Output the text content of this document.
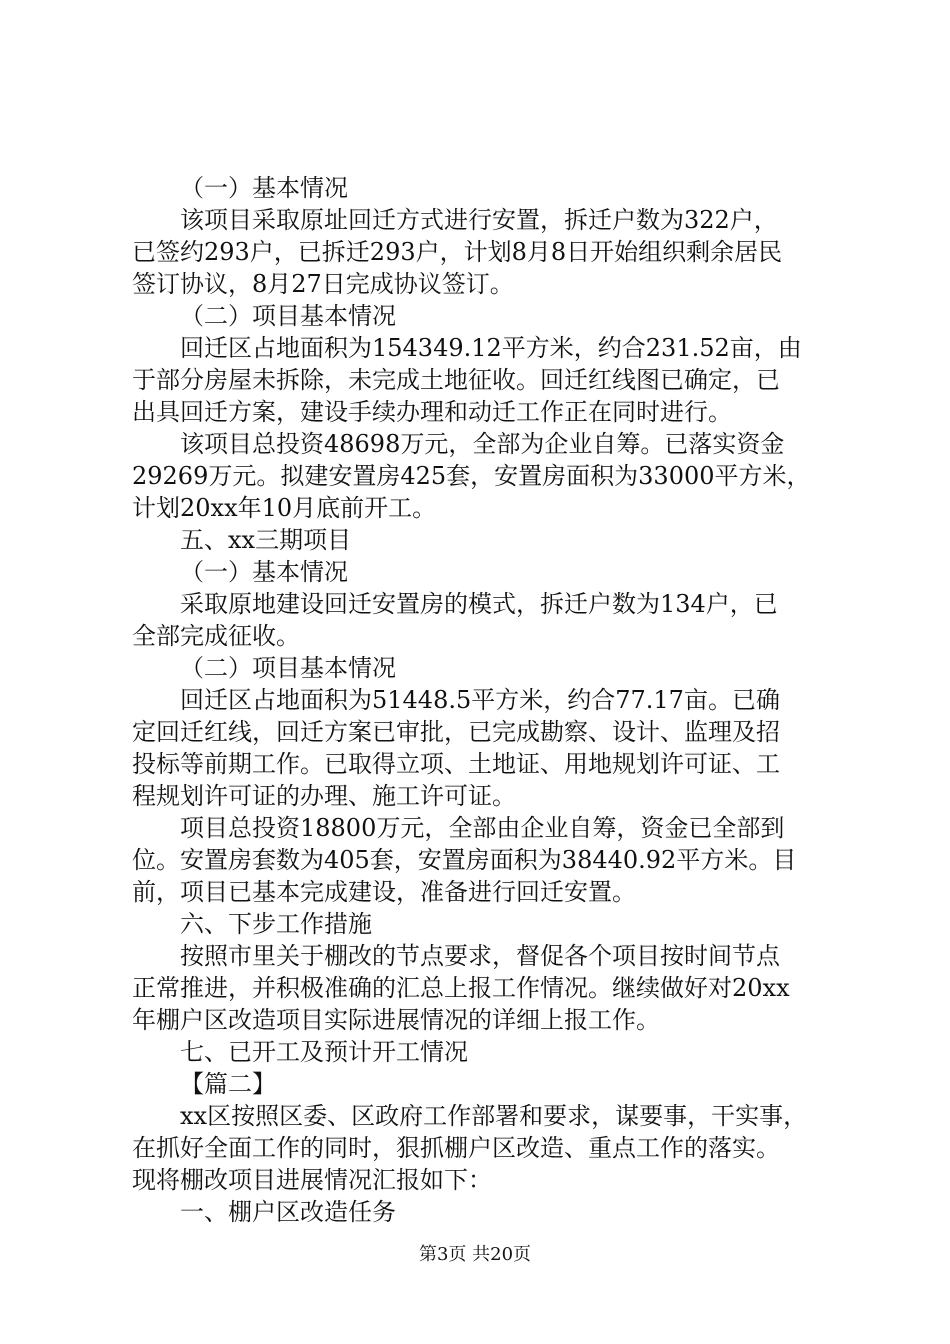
（一）基本情况

该项目采取原址回迁方式进行安置，拆迁户数为322户，

已签约293户，已拆迁293户，计划8月8日开始组织剩余居民

签订协议，8月27日完成协议签订。

（二）项目基本情况

回迁区占地面积为154349.12平方米，约合231.52亩，由

于部分房屋未拆除，未完成土地征收。回迁红线图已确定，已

出具回迁方案，建设手续办理和动迁工作正在同时进行。

该项目总投资48698万元，全部为企业自筹。已落实资金

29269万元。拟建安置房425套，安置房面积为33000平方米，

计划20xx年10月底前开工。

五、xx三期项目

（一）基本情况

采取原地建设回迁安置房的模式，拆迁户数为134户，已

全部完成征收。

（二）项目基本情况

回迁区占地面积为51448.5平方米，约合77.17亩。已确

定回迁红线，回迁方案已审批，已完成勘察、设计、监理及招

投标等前期工作。已取得立项、土地证、用地规划许可证、工

程规划许可证的办理、施工许可证。

项目总投资18800万元，全部由企业自筹，资金已全部到

位。安置房套数为405套，安置房面积为38440.92平方米。目

前，项目已基本完成建设，准备进行回迁安置。

六、下步工作措施

按照市里关于棚改的节点要求，督促各个项目按时间节点

正常推进，并积极准确的汇总上报工作情况。继续做好对20xx

年棚户区改造项目实际进展情况的详细上报工作。

七、已开工及预计开工情况

【篇二】

xx区按照区委、区政府工作部署和要求，谋要事，干实事，

在抓好全面工作的同时，狠抓棚户区改造、重点工作的落实。

现将棚改项目进展情况汇报如下：

一、棚户区改造任务

第3页 共20页
